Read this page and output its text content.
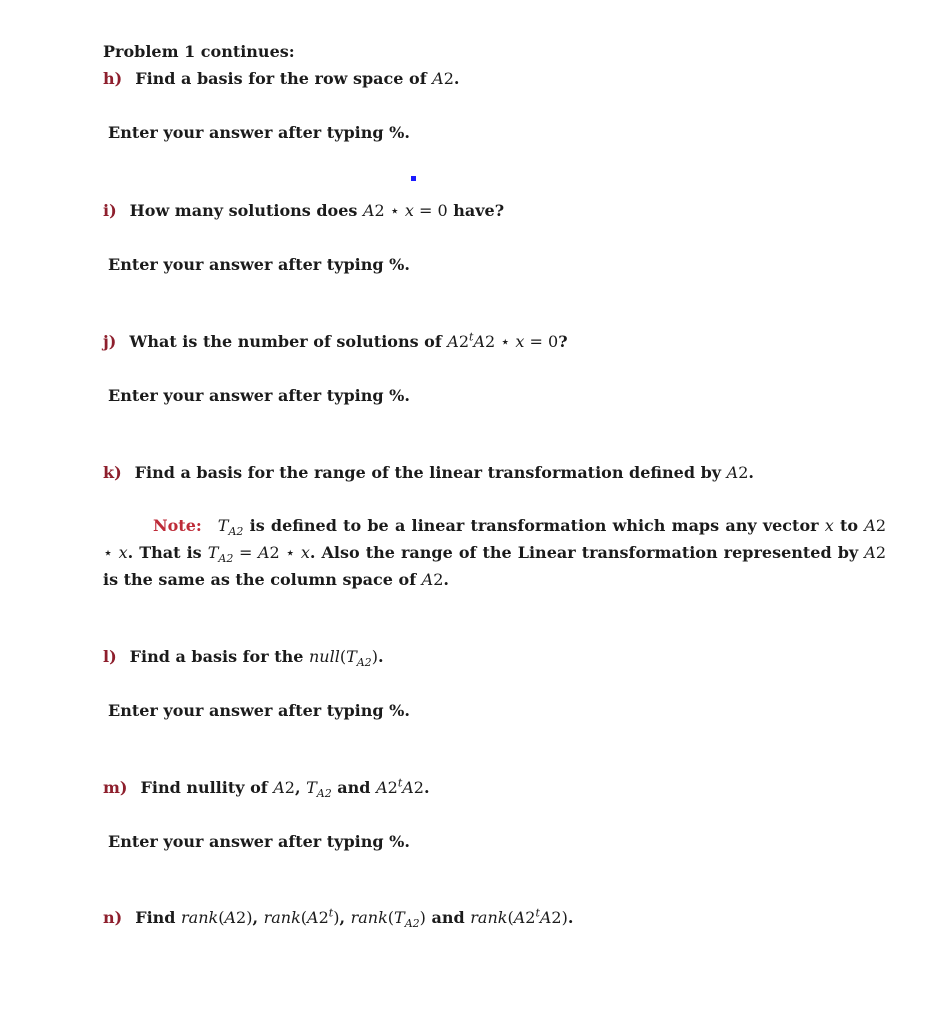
Problem 1 continues:

h) Find a basis for the row space of A2.

Enter your answer after typing %.

i) How many solutions does A2 ⋆ x = 0 have?

Enter your answer after typing %.

j) What is the number of solutions of A2$^t$A2 ⋆ x = 0?

Enter your answer after typing %.

k) Find a basis for the range of the linear transformation defined by A2.

Note: $T_{A2}$ is defined to be a linear transformation which maps any vector x to A2 ⋆ x. That is $T_{A2} = A2$ ⋆ x. Also the range of the Linear transformation represented by A2 is the same as the column space of A2.

l) Find a basis for the $null(T_{A2})$.

Enter your answer after typing %.

m) Find nullity of A2, $T_{A2}$ and A2$^t$A2.

Enter your answer after typing %.

n) Find rank(A2), rank(A2$^t$), $rank(T_{A2})$ and rank(A2$^t$A2).
